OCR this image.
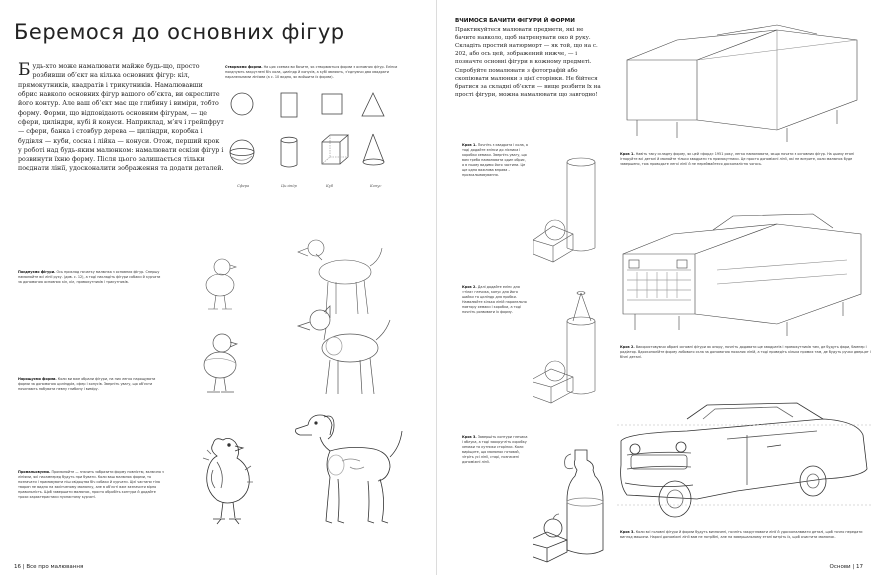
Беремося до основних фігур
Будь-хто може намалювати майже будь-що, просто розбивши об’єкт на кілька основних фігур: кіл, прямокутників, квадратів і трикутників. Намалювавши обрис навколо основних фігур вашого об’єкта, ви окреслите його контур. Але ваш об’єкт має ще глибину і виміри, тобто форму. Форми, що відповідають основним фігурам, — це сфери, циліндри, кубі й конуси. Наприклад, м’яч і грейпфрут — сфери, банка і стовбур дерева — циліндри, коробка і будівля — куби, сосна і лійка — конуси. Отож, перший крок у роботі над будь-яким малюнком: намалювати ескізи фігур і розвинути їхню форму. Після цього залишається тільки поєднати лінії, удосконалити зображення та додати деталей.
Створюємо форми. На цих схемах ви бачите, як створюються форми з основних фігур. Еліпси поєднують закруглені біч кола, циліндр й конусів, а кубі являють, з’єднуючи два квадрати паралельними лініями (а с. 10 видно, як вийшити їх форми).
Сфера	Циліндр	Куб	Конус
Поєднуємо фігури. Ось приклад початку малюнка з основних фігур. Спершу намалюйте всі лінії руху. (див. с. 12), а тоді накладіть фігури собаки й курчати за допомогою основних кіл, кіл, прямокутників і трикутників.
Нарощуємо форми. Коли ви вже обрали фігури, на них легко нарощувати форми за допомогою циліндрів, сфер і конусів. Зверніть увагу, що об’єкти починають набувати певну глибину і виміру.
Промальовуємо. Промалюйте — значить зобразити форму повністю, включно з лініями, які насамперед будуть при бувати. Коли ваш малюнок форми, то позначати і примовувати ніш свідоцтва біч собаки й курчати. Цієї частини тіла тварин не видно на закінченому малюнку, але в об’єкті вже зазначити вірно правильність. Щоб завершити малюнок, просто обробіть контури й додайте трохи характеристики пухнастому курчаті.
16 | Все про малювання
ВЧИМОСЯ БАЧИТИ ФІГУРИ Й ФОРМИ
Практикуйтеся малювати предмети, які не бачите навколо, щоб натренувати око й руку. Складіть простий натюрморт — як той, що на с. 202, або ось цей, зображений нижче, — і позначте основні фігури в кожному предметі. Спробуйте помалювати з фотографій або скопіювати малюнки з цієї сторінки. Не бійтеся братися за складні об’єкти — вище розбити їх на прості фігури, можна намалювати що завгодно!
Крок 1. Почніть з квадрата і кола, а тоді додайте еліпси до ліхника і коробки хемаки. Зверніть увагу, що вам треба намалювати один обрис, а в ньому видимо його частини. Це ще одна важлива вправа – прозкальмовування.
Крок 2. Далі додайте еліпс для «тіла» глечика, конус для його шийки та циліндр для пробки. Намалюйте кілька ліній паралельно повтору хемаки і коробки, а тоді почніть розвивати їх форму.
Крок 3. Завершіть контури глечика і яблука, а тоді заокругліть коробку хемаки та кутники сторінки. Коли виріщите, що малюнок готовий, зітріть усі лінії, старі, позначені допоміжні лінії.
Крок 1. Навіть таку складну форму, як цей «форд» 1951 року, легко намалювати, якщо почати з основних фігур. На цьому етапі ігноруйте всі деталі й малюйте тільки квадрати та прямокутники. Це просто допоміжні лінії, які не витрите, коли малюнок буде завершено, тож проводьте легкі лінії й не переймайтеся досконалістю чогось.
Крок 2. Використовуючи обрані основні фігури як опору, почніть додавати ще квадратів і прямокутників там, де будуть фари, бампер і радіатор. Вдосконалійте форму лобового скла за допомогою похилих ліній, а тоді проведіть кілька прямих там, де будуть ручки дверцят і бічні деталі.
Крок 3. Коли всі головні фігури й форми будуть визначені, почніть закруглювати лінії й удосконалювати деталі, щоб точно передати вигляд машини. Наразі допоміжні лінії вам не потрібні, але на завершальному етапі витріть їх, щоб очистити малюнок.
Основи | 17
